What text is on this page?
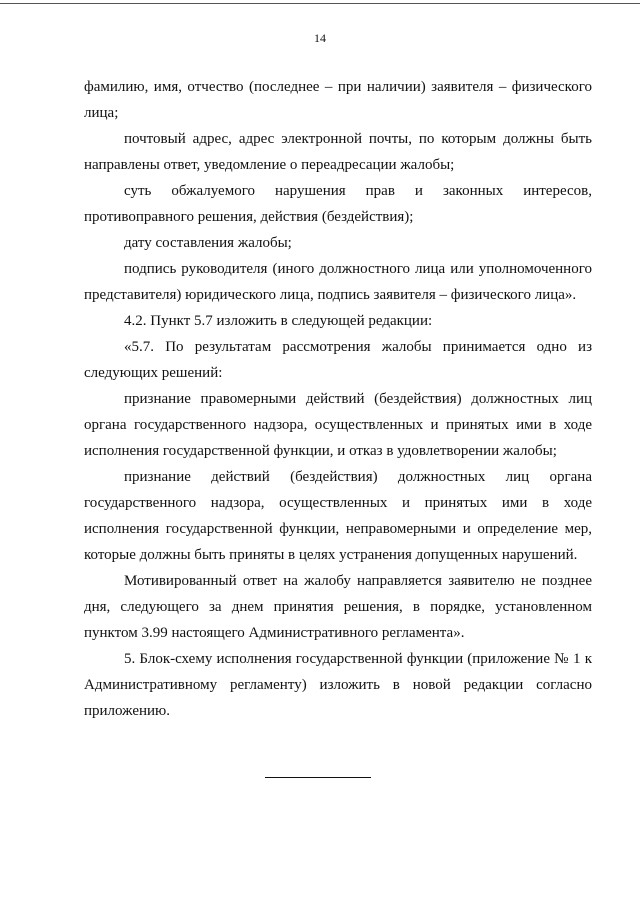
14

фамилию, имя, отчество (последнее – при наличии) заявителя – физического лица;

почтовый адрес, адрес электронной почты, по которым должны быть направлены ответ, уведомление о переадресации жалобы;

суть обжалуемого нарушения прав и законных интересов, противоправного решения, действия (бездействия);

дату составления жалобы;

подпись руководителя (иного должностного лица или уполномоченного представителя) юридического лица, подпись заявителя – физического лица».

4.2. Пункт 5.7 изложить в следующей редакции:

«5.7. По результатам рассмотрения жалобы принимается одно из следующих решений:

признание правомерными действий (бездействия) должностных лиц органа государственного надзора, осуществленных и принятых ими в ходе исполнения государственной функции, и отказ в удовлетворении жалобы;

признание действий (бездействия) должностных лиц органа государственного надзора, осуществленных и принятых ими в ходе исполнения государственной функции, неправомерными и определение мер, которые должны быть приняты в целях устранения допущенных нарушений.

Мотивированный ответ на жалобу направляется заявителю не позднее дня, следующего за днем принятия решения, в порядке, установленном пунктом 3.99 настоящего Административного регламента».

5. Блок-схему исполнения государственной функции (приложение № 1 к Административному регламенту) изложить в новой редакции согласно приложению.
